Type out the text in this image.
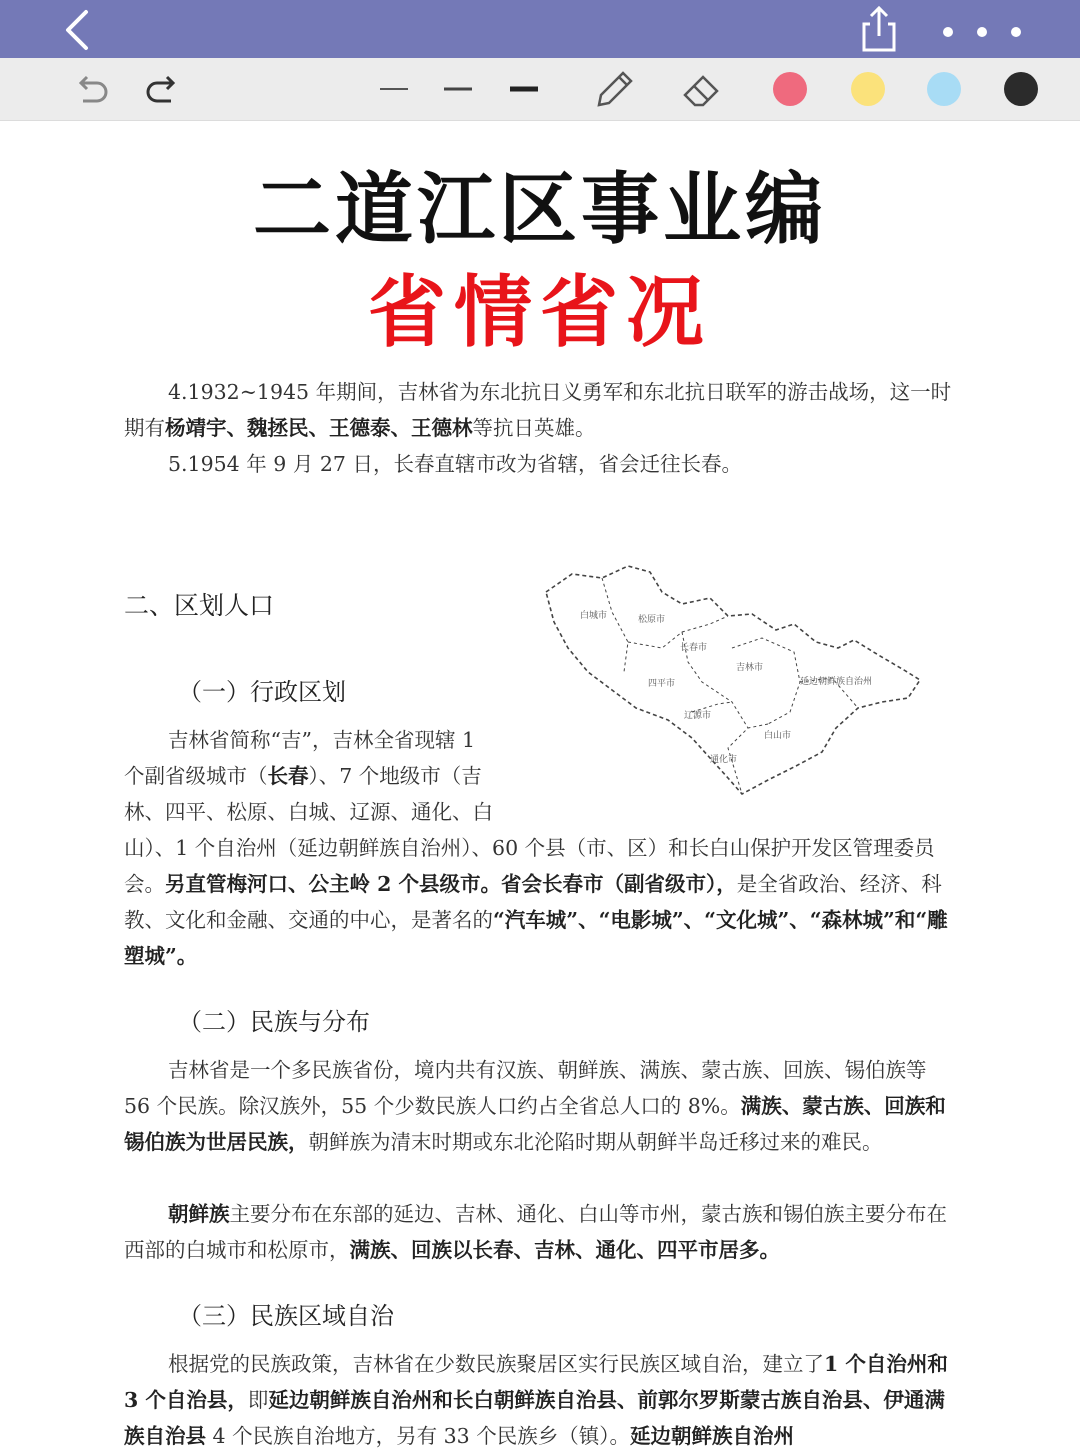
二道江区事业编
省情省况
4.1932~1945 年期间，吉林省为东北抗日义勇军和东北抗日联军的游击战场，这一时期有杨靖宇、魏拯民、王德泰、王德林等抗日英雄。
5.1954 年 9 月 27 日，长春直辖市改为省辖，省会迁往长春。
二、区划人口
（一）行政区划
白城市	松原市
长春市
吉林市
四平市	延边朝鲜族自治州
辽源市
白山市
通化市
吉林省简称“吉”，吉林全省现辖 1
个副省级城市（长春）、7 个地级市（吉
林、四平、松原、白城、辽源、通化、白
山）、1 个自治州（延边朝鲜族自治州）、60 个县（市、区）和长白山保护开发区管理委员会。另直管梅河口、公主岭 2 个县级市。省会长春市（副省级市），是全省政治、经济、科教、文化和金融、交通的中心，是著名的“汽车城”、“电影城”、“文化城”、“森林城”和“雕塑城”。
（二）民族与分布
吉林省是一个多民族省份，境内共有汉族、朝鲜族、满族、蒙古族、回族、锡伯族等 56 个民族。除汉族外，55 个少数民族人口约占全省总人口的 8%。满族、蒙古族、回族和锡伯族为世居民族，朝鲜族为清末时期或东北沦陷时期从朝鲜半岛迁移过来的难民。
朝鲜族主要分布在东部的延边、吉林、通化、白山等市州，蒙古族和锡伯族主要分布在西部的白城市和松原市，满族、回族以长春、吉林、通化、四平市居多。
（三）民族区域自治
根据党的民族政策，吉林省在少数民族聚居区实行民族区域自治，建立了1 个自治州和 3 个自治县，即延边朝鲜族自治州和长白朝鲜族自治县、前郭尔罗斯蒙古族自治县、伊通满族自治县 4 个民族自治地方，另有 33 个民族乡（镇）。延边朝鲜族自治州
